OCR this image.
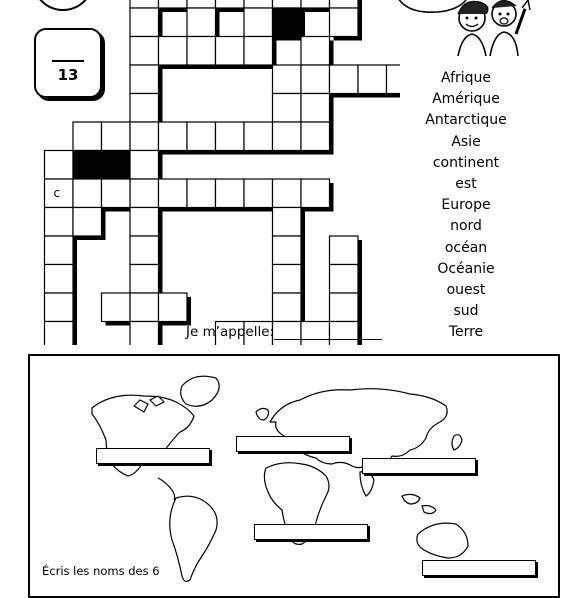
13
c
Afrique
Amérique
Antarctique
Asie
continent
est
Europe
nord
océan
Océanie
ouest
sud
Terre
Je m’appelle:
Écris les noms des 6
